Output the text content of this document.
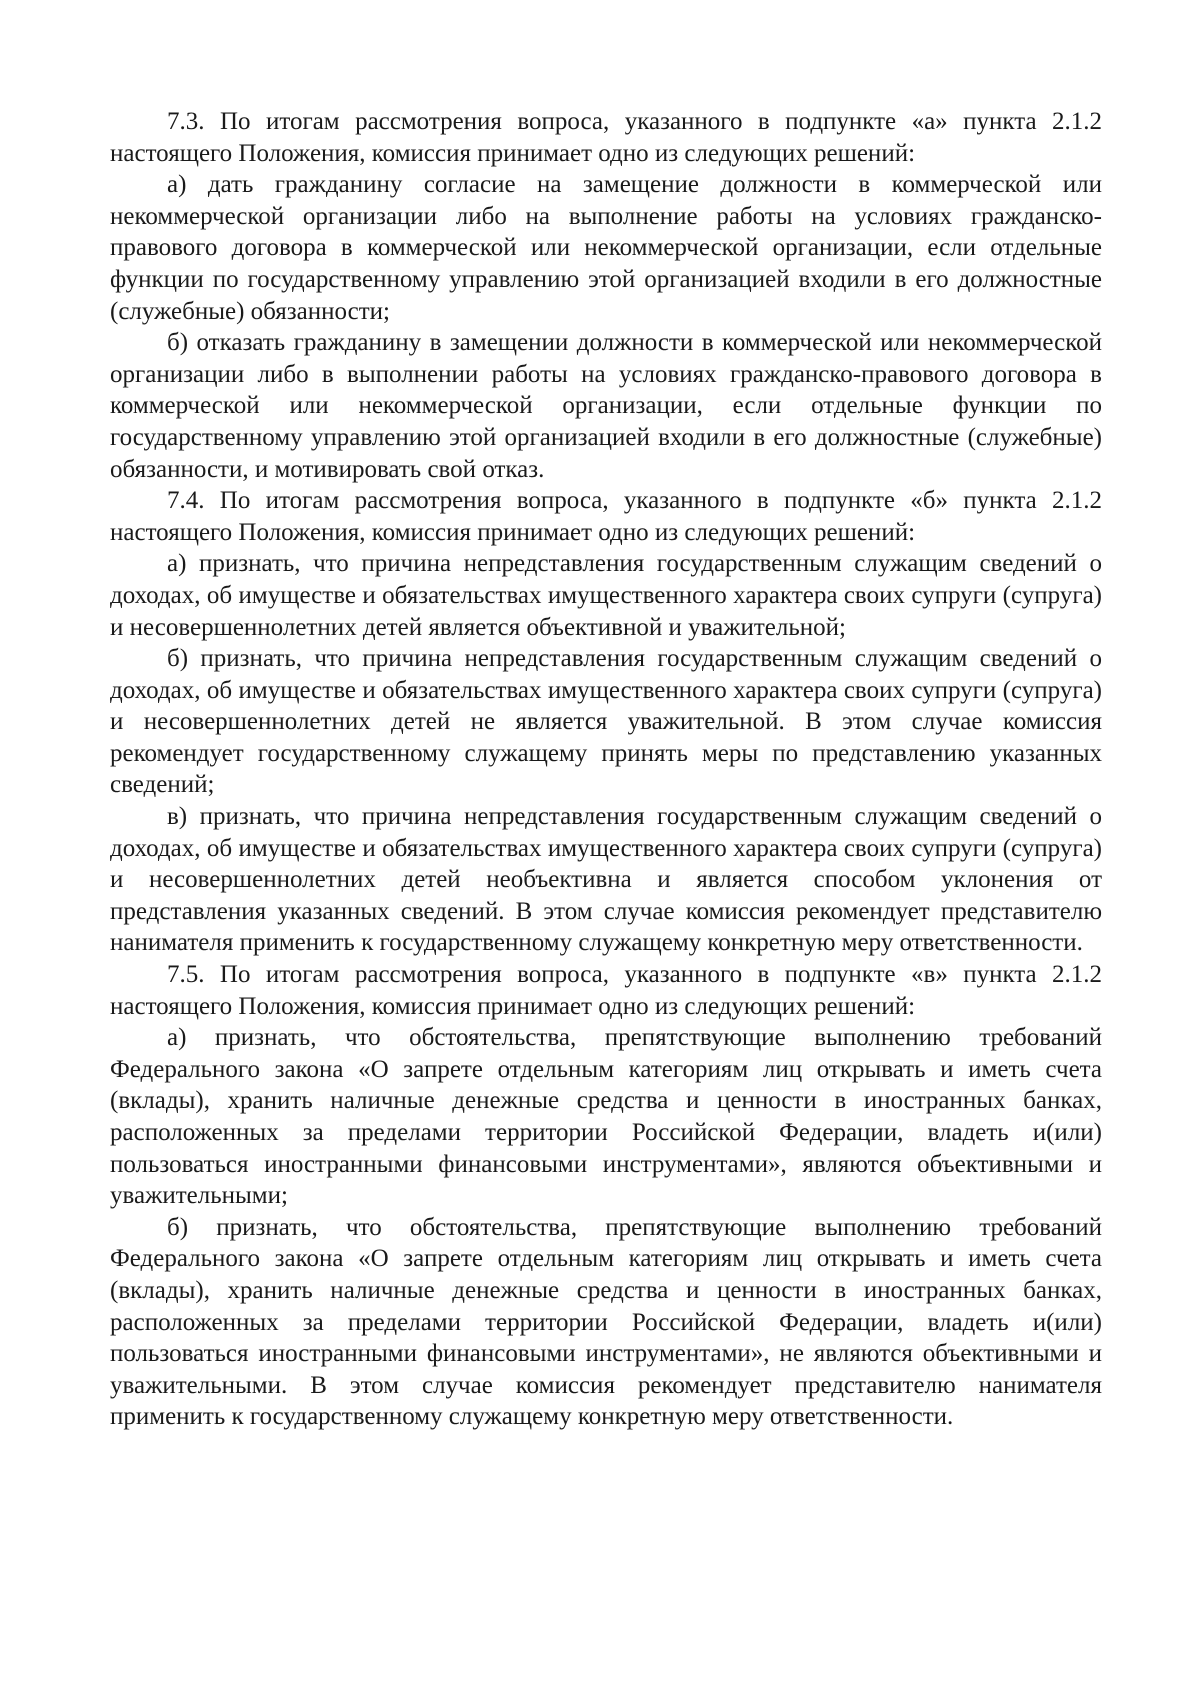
7.3. По итогам рассмотрения вопроса, указанного в подпункте «а» пункта 2.1.2 настоящего Положения, комиссия принимает одно из следующих решений:

а) дать гражданину согласие на замещение должности в коммерческой или некоммерческой организации либо на выполнение работы на условиях гражданско-правового договора в коммерческой или некоммерческой организации, если отдельные функции по государственному управлению этой организацией входили в его должностные (служебные) обязанности;

б) отказать гражданину в замещении должности в коммерческой или некоммерческой организации либо в выполнении работы на условиях гражданско-правового договора в коммерческой или некоммерческой организации, если отдельные функции по государственному управлению этой организацией входили в его должностные (служебные) обязанности, и мотивировать свой отказ.

7.4. По итогам рассмотрения вопроса, указанного в подпункте «б» пункта 2.1.2 настоящего Положения, комиссия принимает одно из следующих решений:

а) признать, что причина непредставления государственным служащим сведений о доходах, об имуществе и обязательствах имущественного характера своих супруги (супруга) и несовершеннолетних детей является объективной и уважительной;

б) признать, что причина непредставления государственным служащим сведений о доходах, об имуществе и обязательствах имущественного характера своих супруги (супруга) и несовершеннолетних детей не является уважительной. В этом случае комиссия рекомендует государственному служащему принять меры по представлению указанных сведений;

в) признать, что причина непредставления государственным служащим сведений о доходах, об имуществе и обязательствах имущественного характера своих супруги (супруга) и несовершеннолетних детей необъективна и является способом уклонения от представления указанных сведений. В этом случае комиссия рекомендует представителю нанимателя применить к государственному служащему конкретную меру ответственности.

7.5. По итогам рассмотрения вопроса, указанного в подпункте «в» пункта 2.1.2 настоящего Положения, комиссия принимает одно из следующих решений:

а) признать, что обстоятельства, препятствующие выполнению требований Федерального закона «О запрете отдельным категориям лиц открывать и иметь счета (вклады), хранить наличные денежные средства и ценности в иностранных банках, расположенных за пределами территории Российской Федерации, владеть и(или) пользоваться иностранными финансовыми инструментами», являются объективными и уважительными;

б) признать, что обстоятельства, препятствующие выполнению требований Федерального закона «О запрете отдельным категориям лиц открывать и иметь счета (вклады), хранить наличные денежные средства и ценности в иностранных банках, расположенных за пределами территории Российской Федерации, владеть и(или) пользоваться иностранными финансовыми инструментами», не являются объективными и уважительными. В этом случае комиссия рекомендует представителю нанимателя применить к государственному служащему конкретную меру ответственности.
